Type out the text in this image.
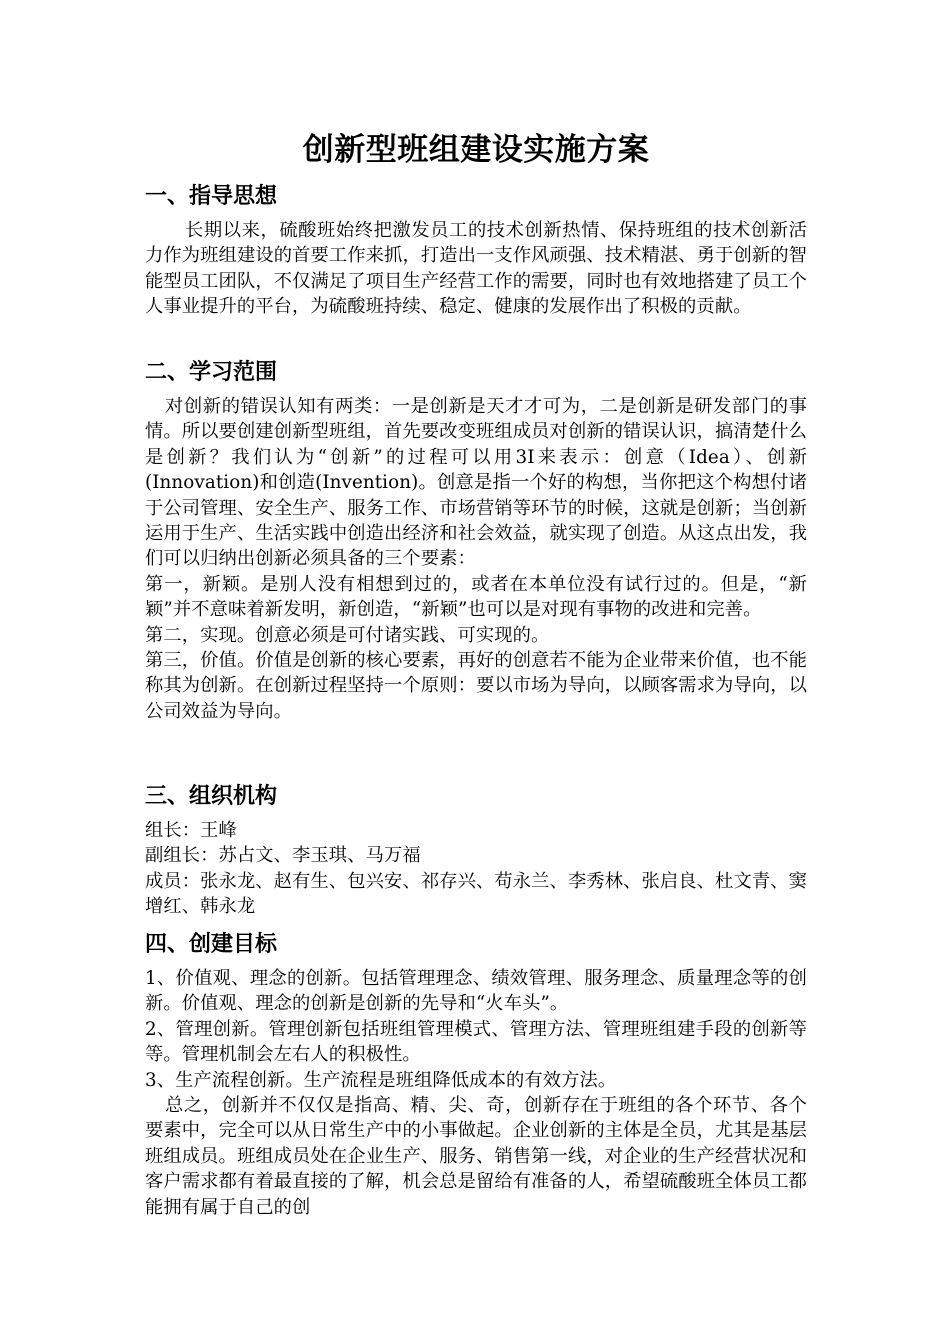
创新型班组建设实施方案
一、指导思想

长期以来，硫酸班始终把激发员工的技术创新热情、保持班组的技术创新活力作为班组建设的首要工作来抓，打造出一支作风顽强、技术精湛、勇于创新的智能型员工团队，不仅满足了项目生产经营工作的需要，同时也有效地搭建了员工个人事业提升的平台，为硫酸班持续、稳定、健康的发展作出了积极的贡献。

二、学习范围

对创新的错误认知有两类：一是创新是天才才可为，二是创新是研发部门的事情。所以要创建创新型班组，首先要改变班组成员对创新的错误认识，搞清楚什么是创新？我们认为“创新”的过程可以用3I来表示：创意（Idea）、创新(Innovation)和创造(Invention)。创意是指一个好的构想，当你把这个构想付诸于公司管理、安全生产、服务工作、市场营销等环节的时候，这就是创新；当创新运用于生产、生活实践中创造出经济和社会效益，就实现了创造。从这点出发，我们可以归纳出创新必须具备的三个要素：

第一，新颖。是别人没有相想到过的，或者在本单位没有试行过的。但是，“新颖”并不意味着新发明，新创造，“新颖”也可以是对现有事物的改进和完善。

第二，实现。创意必须是可付诸实践、可实现的。

第三，价值。价值是创新的核心要素，再好的创意若不能为企业带来价值，也不能称其为创新。在创新过程坚持一个原则：要以市场为导向，以顾客需求为导向，以公司效益为导向。

三、组织机构

组长：王峰

副组长：苏占文、李玉琪、马万福

成员：张永龙、赵有生、包兴安、祁存兴、苟永兰、李秀林、张启良、杜文青、窦增红、韩永龙

四、创建目标

1、价值观、理念的创新。包括管理理念、绩效管理、服务理念、质量理念等的创新。价值观、理念的创新是创新的先导和“火车头”。

2、管理创新。管理创新包括班组管理模式、管理方法、管理班组建手段的创新等等。管理机制会左右人的积极性。

3、生产流程创新。生产流程是班组降低成本的有效方法。

总之，创新并不仅仅是指高、精、尖、奇，创新存在于班组的各个环节、各个要素中，完全可以从日常生产中的小事做起。企业创新的主体是全员，尤其是基层班组成员。班组成员处在企业生产、服务、销售第一线，对企业的生产经营状况和客户需求都有着最直接的了解，机会总是留给有准备的人，希望硫酸班全体员工都能拥有属于自己的创
